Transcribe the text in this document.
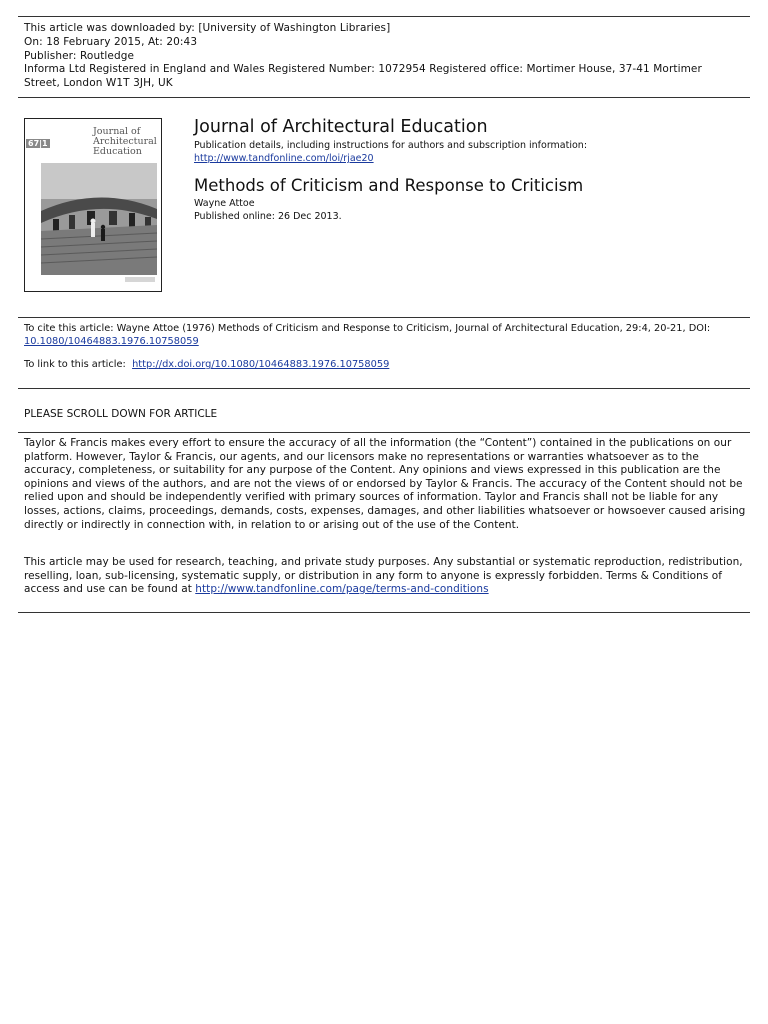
This article was downloaded by: [University of Washington Libraries]
On: 18 February 2015, At: 20:43
Publisher: Routledge
Informa Ltd Registered in England and Wales Registered Number: 1072954 Registered office: Mortimer House, 37-41 Mortimer
Street, London W1T 3JH, UK
67|1
Journal of Architectural Education
Journal of Architectural Education
Publication details, including instructions for authors and subscription information:
http://www.tandfonline.com/loi/rjae20
Methods of Criticism and Response to Criticism
Wayne Attoe
Published online: 26 Dec 2013.
To cite this article: Wayne Attoe (1976) Methods of Criticism and Response to Criticism, Journal of Architectural Education, 29:4, 20-21, DOI:
10.1080/10464883.1976.10758059
To link to this article: http://dx.doi.org/10.1080/10464883.1976.10758059
PLEASE SCROLL DOWN FOR ARTICLE
Taylor & Francis makes every effort to ensure the accuracy of all the information (the “Content”) contained in the publications on our platform. However, Taylor & Francis, our agents, and our licensors make no representations or warranties whatsoever as to the accuracy, completeness, or suitability for any purpose of the Content. Any opinions and views expressed in this publication are the opinions and views of the authors, and are not the views of or endorsed by Taylor & Francis. The accuracy of the Content should not be relied upon and should be independently verified with primary sources of information. Taylor and Francis shall not be liable for any losses, actions, claims, proceedings, demands, costs, expenses, damages, and other liabilities whatsoever or howsoever caused arising directly or indirectly in connection with, in relation to or arising out of the use of the Content.
This article may be used for research, teaching, and private study purposes. Any substantial or systematic reproduction, redistribution, reselling, loan, sub-licensing, systematic supply, or distribution in any form to anyone is expressly forbidden. Terms & Conditions of access and use can be found at http://www.tandfonline.com/page/terms-and-conditions
